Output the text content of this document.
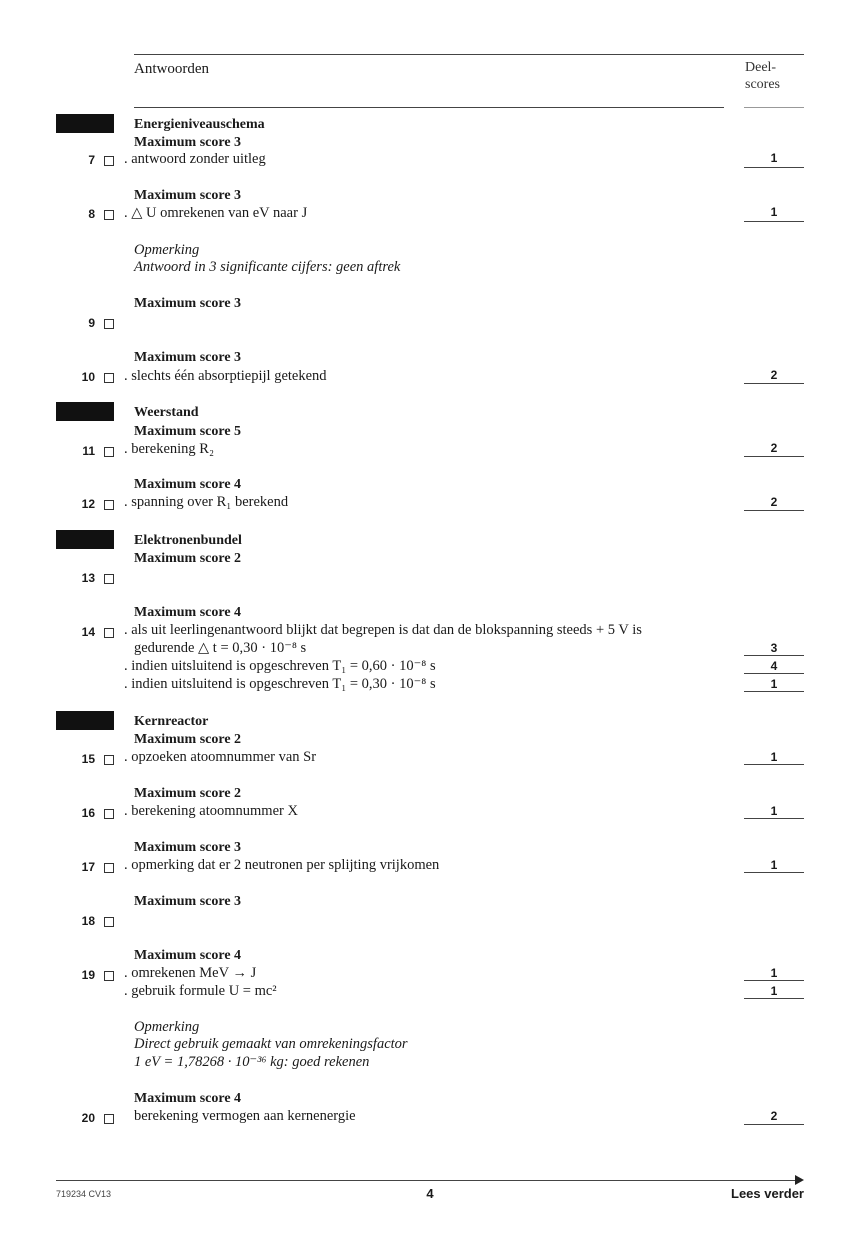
Antwoorden	Deel-
scores
Energieniveauschema
Maximum score 3
7 . antwoord zonder uitleg	1
Maximum score 3
8 . △ U omrekenen van eV naar J	1
Opmerking
Antwoord in 3 significante cijfers: geen aftrek
Maximum score 3
9
Maximum score 3
10 . slechts één absorptiepijl getekend	2
Weerstand
Maximum score 5
11 . berekening R₂	2
Maximum score 4
12 . spanning over R₁ berekend	2
Elektronenbundel
Maximum score 2
13
Maximum score 4
14 . als uit leerlingenantwoord blijkt dat begrepen is dat dan de blokspanning steeds + 5 V is
gedurende △ t = 0,30 · 10⁻⁸ s	3
. indien uitsluitend is opgeschreven T₁ = 0,60 · 10⁻⁸ s	4
. indien uitsluitend is opgeschreven T₁ = 0,30 · 10⁻⁸ s	1
Kernreactor
Maximum score 2
15 . opzoeken atoomnummer van Sr	1
Maximum score 2
16 . berekening atoomnummer X	1
Maximum score 3
17 . opmerking dat er 2 neutronen per splijting vrijkomen	1
Maximum score 3
18
Maximum score 4
19 . omrekenen MeV → J	1
. gebruik formule U = mc²	1
Opmerking
Direct gebruik gemaakt van omrekeningsfactor
1 eV = 1,78268 · 10⁻³⁶ kg: goed rekenen
Maximum score 4
20	berekening vermogen aan kernenergie	2
719234 CV13	4	Lees verder
